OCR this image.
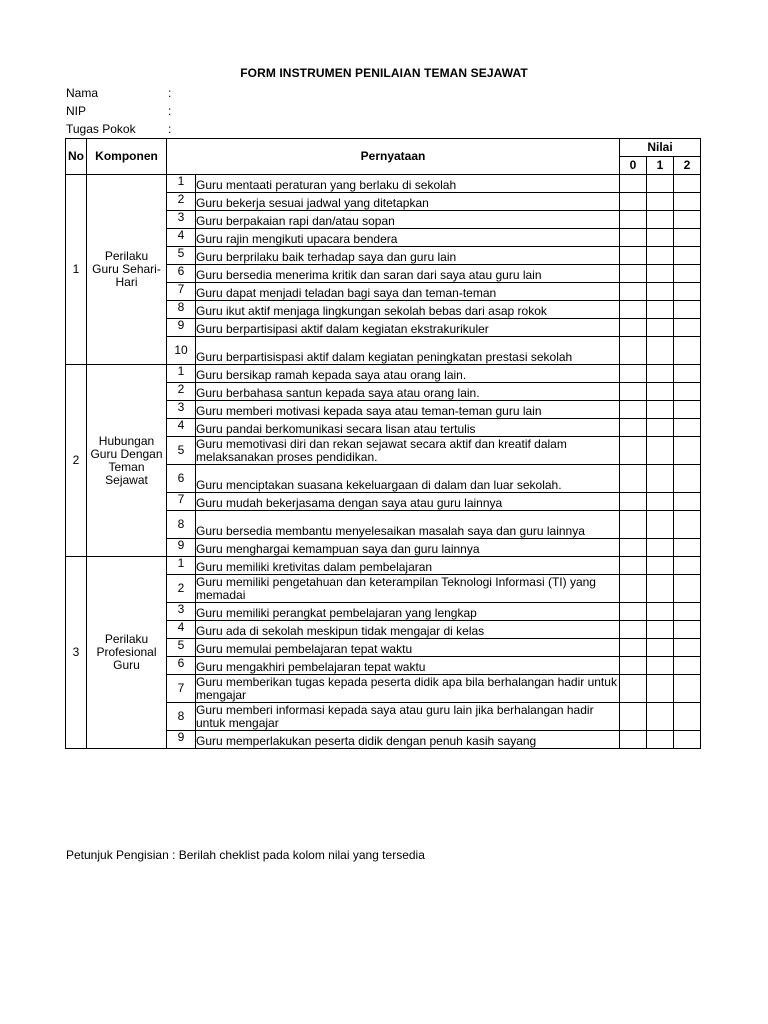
FORM INSTRUMEN PENILAIAN TEMAN SEJAWAT
Nama	:
NIP	:
Tugas Pokok	:
No	Komponen	Pernyataan		Nilai		
				0	1	2
1	Perilaku Guru Sehari-Hari	1	Guru mentaati peraturan yang berlaku di sekolah			
		2	Guru bekerja sesuai jadwal yang ditetapkan			
		3	Guru berpakaian rapi dan/atau sopan			
		4	Guru rajin mengikuti upacara bendera			
		5	Guru berprilaku baik terhadap saya dan guru lain			
		6	Guru bersedia menerima kritik dan saran dari saya atau guru lain			
		7	Guru dapat menjadi teladan bagi saya dan teman-teman			
		8	Guru ikut aktif menjaga lingkungan sekolah bebas dari asap rokok			
		9	Guru berpartisipasi aktif dalam kegiatan ekstrakurikuler			
		10	Guru berpartisispasi aktif dalam kegiatan peningkatan prestasi sekolah			
2	Hubungan Guru Dengan Teman Sejawat	1	Guru bersikap ramah kepada saya atau orang lain.			
		2	Guru berbahasa santun kepada saya atau orang lain.			
		3	Guru memberi motivasi kepada saya atau teman-teman guru lain			
		4	Guru pandai berkomunikasi secara lisan atau tertulis			
		5	Guru memotivasi diri dan rekan sejawat secara aktif dan kreatif dalam melaksanakan proses pendidikan.			
		6	Guru menciptakan suasana kekeluargaan di dalam dan luar sekolah.			
		7	Guru mudah bekerjasama dengan saya atau guru lainnya			
		8	Guru bersedia membantu menyelesaikan masalah saya dan guru lainnya			
		9	Guru menghargai kemampuan saya dan guru lainnya			
3	Perilaku Profesional Guru	1	Guru memiliki kretivitas dalam pembelajaran			
		2	Guru memiliki pengetahuan dan keterampilan Teknologi Informasi (TI) yang memadai			
		3	Guru memiliki perangkat pembelajaran yang lengkap			
		4	Guru ada di sekolah meskipun tidak mengajar di kelas			
		5	Guru memulai pembelajaran tepat waktu			
		6	Guru mengakhiri pembelajaran tepat waktu			
		7	Guru memberikan tugas kepada peserta didik apa bila berhalangan hadir untuk mengajar			
		8	Guru memberi informasi kepada saya atau guru lain jika berhalangan hadir untuk mengajar			
		9	Guru memperlakukan peserta didik dengan penuh kasih sayang			
Petunjuk Pengisian : Berilah cheklist pada kolom nilai yang tersedia
